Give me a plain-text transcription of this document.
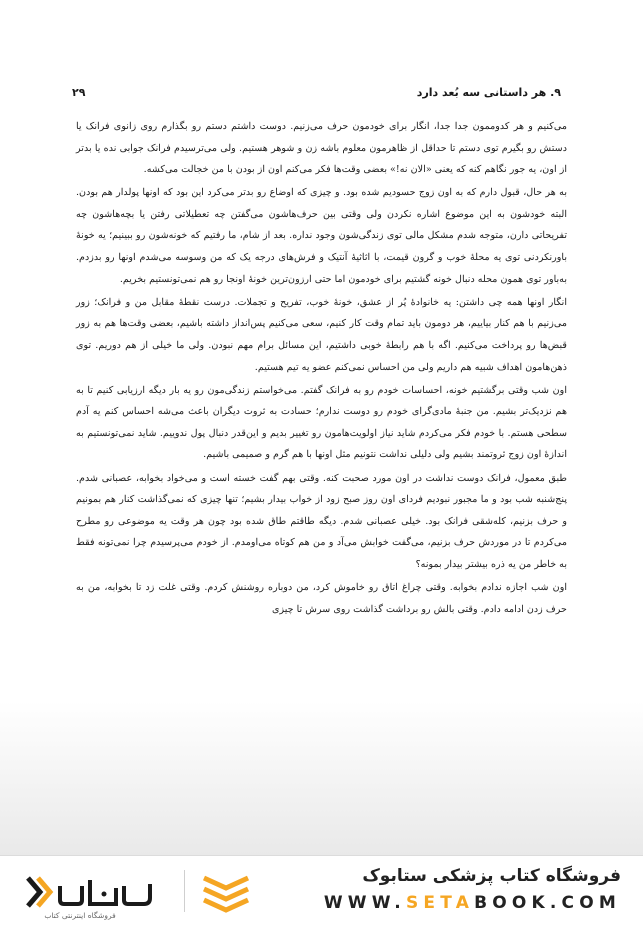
۹. هر داستانی سه بُعد دارد
۲۹

می‌کنیم و هر کدوممون جدا جدا، انگار برای خودمون حرف می‌زنیم. دوست داشتم دستم رو بگذارم روی زانوی فرانک یا دستش رو بگیرم توی دستم تا حداقل از ظاهرمون معلوم باشه زن و شوهر هستیم. ولی می‌ترسیدم فرانک جوابی نده یا بدتر از اون، یه جور نگاهم کنه که یعنی «الان نه!» بعضی وقت‌ها فکر می‌کنم اون از بودن با من خجالت می‌کشه.

به هر حال، قبول دارم که به اون زوج حسودیم شده بود. و چیزی که اوضاع رو بدتر می‌کرد این بود که اونها پولدار هم بودن. البته خودشون به این موضوع اشاره نکردن ولی وقتی بین حرف‌هاشون می‌گفتن چه تعطیلاتی رفتن یا بچه‌هاشون چه تفریحاتی دارن، متوجه شدم مشکل مالی توی زندگی‌شون وجود نداره. بعد از شام، ما رفتیم که خونه‌شون رو ببینیم؛ یه خونهٔ باورنکردنی توی یه محلهٔ خوب و گرون قیمت، با اثاثیهٔ آنتیک و فرش‌های درجه یک که من وسوسه می‌شدم اونها رو بدزدم. به‌باور توی همون محله دنبال خونه گشتیم برای خودمون اما حتی ارزون‌ترین خونهٔ اونجا رو هم نمی‌تونستیم بخریم.

انگار اونها همه چی داشتن: یه خانوادهٔ پُر از عشق، خونهٔ خوب، تفریح و تجملات. درست نقطهٔ مقابل من و فرانک؛ زور می‌زنیم با هم کنار بیاییم، هر دومون باید تمام وقت کار کنیم، سعی می‌کنیم پس‌انداز داشته باشیم، بعضی وقت‌ها هم به زور قبض‌ها رو پرداخت می‌کنیم. اگه با هم رابطهٔ خوبی داشتیم، این مسائل برام مهم نبودن. ولی ما خیلی از هم دوریم. توی ذهن‌هامون اهداف شبیه هم داریم ولی من احساس نمی‌کنم عضو یه تیم هستیم.

اون شب وقتی برگشتیم خونه، احساسات خودم رو به فرانک گفتم. می‌خواستم زندگی‌مون رو یه بار دیگه ارزیابی کنیم تا به هم نزدیک‌تر بشیم. من جنبهٔ مادی‌گرای خودم رو دوست ندارم؛ حسادت به ثروت دیگران باعث می‌شه احساس کنم یه آدم سطحی هستم. با خودم فکر می‌کردم شاید نیاز اولویت‌هامون رو تغییر بدیم و این‌قدر دنبال پول ندوییم. شاید نمی‌تونستیم به اندازهٔ اون زوج ثروتمند بشیم ولی دلیلی نداشت نتونیم مثل اونها با هم گرم و صمیمی باشیم.

طبق معمول، فرانک دوست نداشت در اون مورد صحبت کنه. وقتی بهم گفت خسته است و می‌خواد بخوابه، عصبانی شدم. پنج‌شنبه شب بود و ما مجبور نبودیم فردای اون روز صبح زود از خواب بیدار بشیم؛ تنها چیزی که نمی‌گذاشت کنار هم بمونیم و حرف بزنیم، کله‌شقی فرانک بود. خیلی عصبانی شدم. دیگه طاقتم طاق شده بود چون هر وقت یه موضوعی رو مطرح می‌کردم تا در موردش حرف بزنیم، می‌گفت خوابش می‌آد و من هم کوتاه می‌اومدم. از خودم می‌پرسیدم چرا نمی‌تونه فقط به خاطر من یه ذره بیشتر بیدار بمونه؟

اون شب اجازه ندادم بخوابه. وقتی چراغ اتاق رو خاموش کرد، من دوباره روشنش کردم. وقتی غلت زد تا بخوابه، من به حرف زدن ادامه دادم. وقتی بالش رو برداشت گذاشت روی سرش تا چیزی

فروشگاه اینترنتی کتاب
فروشگاه کتاب پزشکی ستابوک
WWW.SETABOOK.COM
